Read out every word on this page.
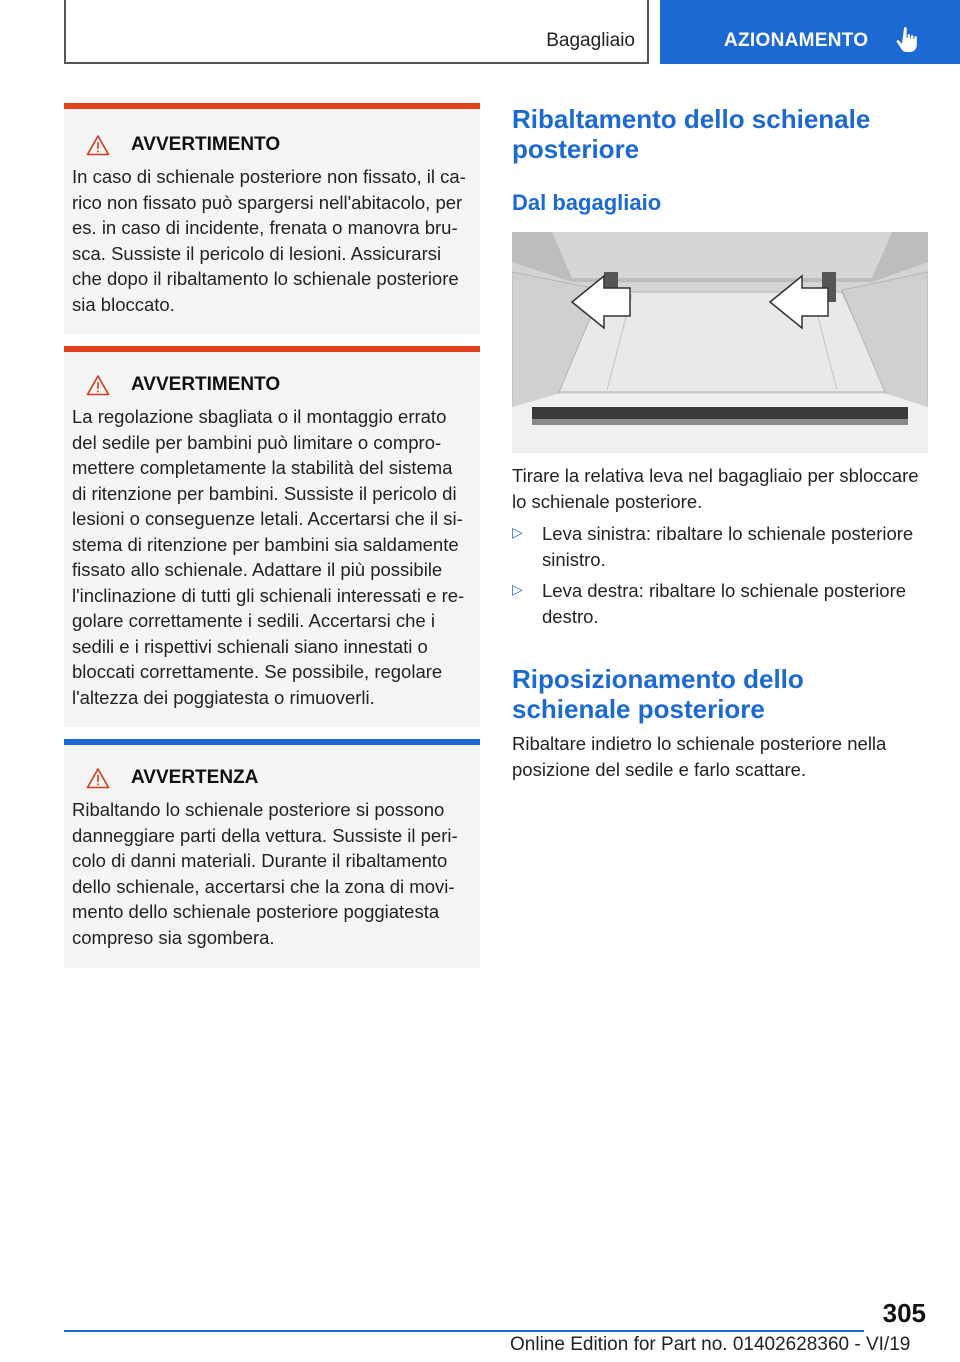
Bagagliaio	AZIONAMENTO
AVVERTIMENTO
In caso di schienale posteriore non fissato, il ca-
rico non fissato può spargersi nell'abitacolo, per
es. in caso di incidente, frenata o manovra bru-
sca. Sussiste il pericolo di lesioni. Assicurarsi
che dopo il ribaltamento lo schienale posteriore
sia bloccato.
AVVERTIMENTO
La regolazione sbagliata o il montaggio errato
del sedile per bambini può limitare o compro-
mettere completamente la stabilità del sistema
di ritenzione per bambini. Sussiste il pericolo di
lesioni o conseguenze letali. Accertarsi che il si-
stema di ritenzione per bambini sia saldamente
fissato allo schienale. Adattare il più possibile
l'inclinazione di tutti gli schienali interessati e re-
golare correttamente i sedili. Accertarsi che i
sedili e i rispettivi schienali siano innestati o
bloccati correttamente. Se possibile, regolare
l'altezza dei poggiatesta o rimuoverli.
AVVERTENZA
Ribaltando lo schienale posteriore si possono
danneggiare parti della vettura. Sussiste il peri-
colo di danni materiali. Durante il ribaltamento
dello schienale, accertarsi che la zona di movi-
mento dello schienale posteriore poggiatesta
compreso sia sgombera.
Ribaltamento dello schienale
posteriore
Dal bagagliaio
Tirare la relativa leva nel bagagliaio per sbloccare
lo schienale posteriore.
▷ Leva sinistra: ribaltare lo schienale posteriore
sinistro.
▷ Leva destra: ribaltare lo schienale posteriore
destro.
Riposizionamento dello
schienale posteriore
Ribaltare indietro lo schienale posteriore nella
posizione del sedile e farlo scattare.
305
Online Edition for Part no. 01402628360 - VI/19
